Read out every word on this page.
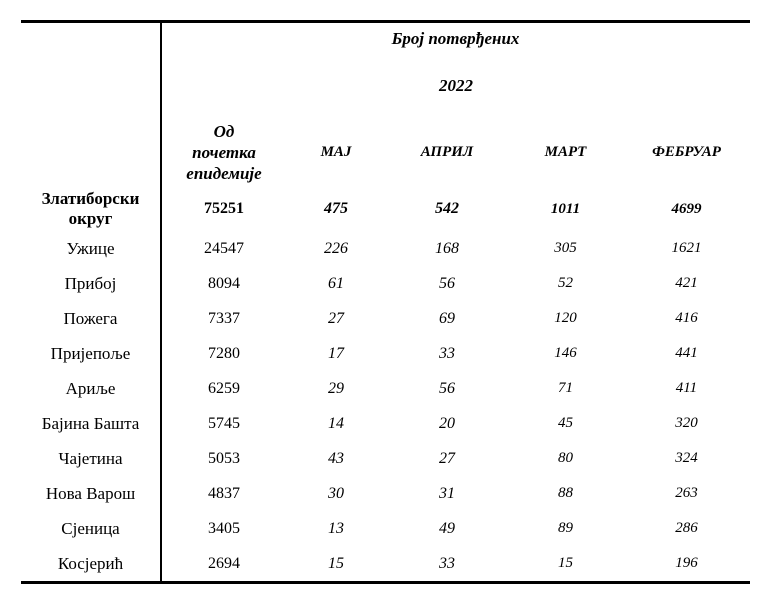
	Број потврђених				
	2022				

	Од
почетка
епидемије	МАЈ	АПРИЛ	МАРТ	ФЕБРУАР
Златиборски
округ	75251	475	542	1011	4699
Ужице	24547	226	168	305	1621
Прибој	8094	61	56	52	421
Пожега	7337	27	69	120	416
Пријепоље	7280	17	33	146	441
Ариље	6259	29	56	71	411
Бајина Башта	5745	14	20	45	320
Чајетина	5053	43	27	80	324
Нова Варош	4837	30	31	88	263
Сјеница	3405	13	49	89	286
Косјерић	2694	15	33	15	196
